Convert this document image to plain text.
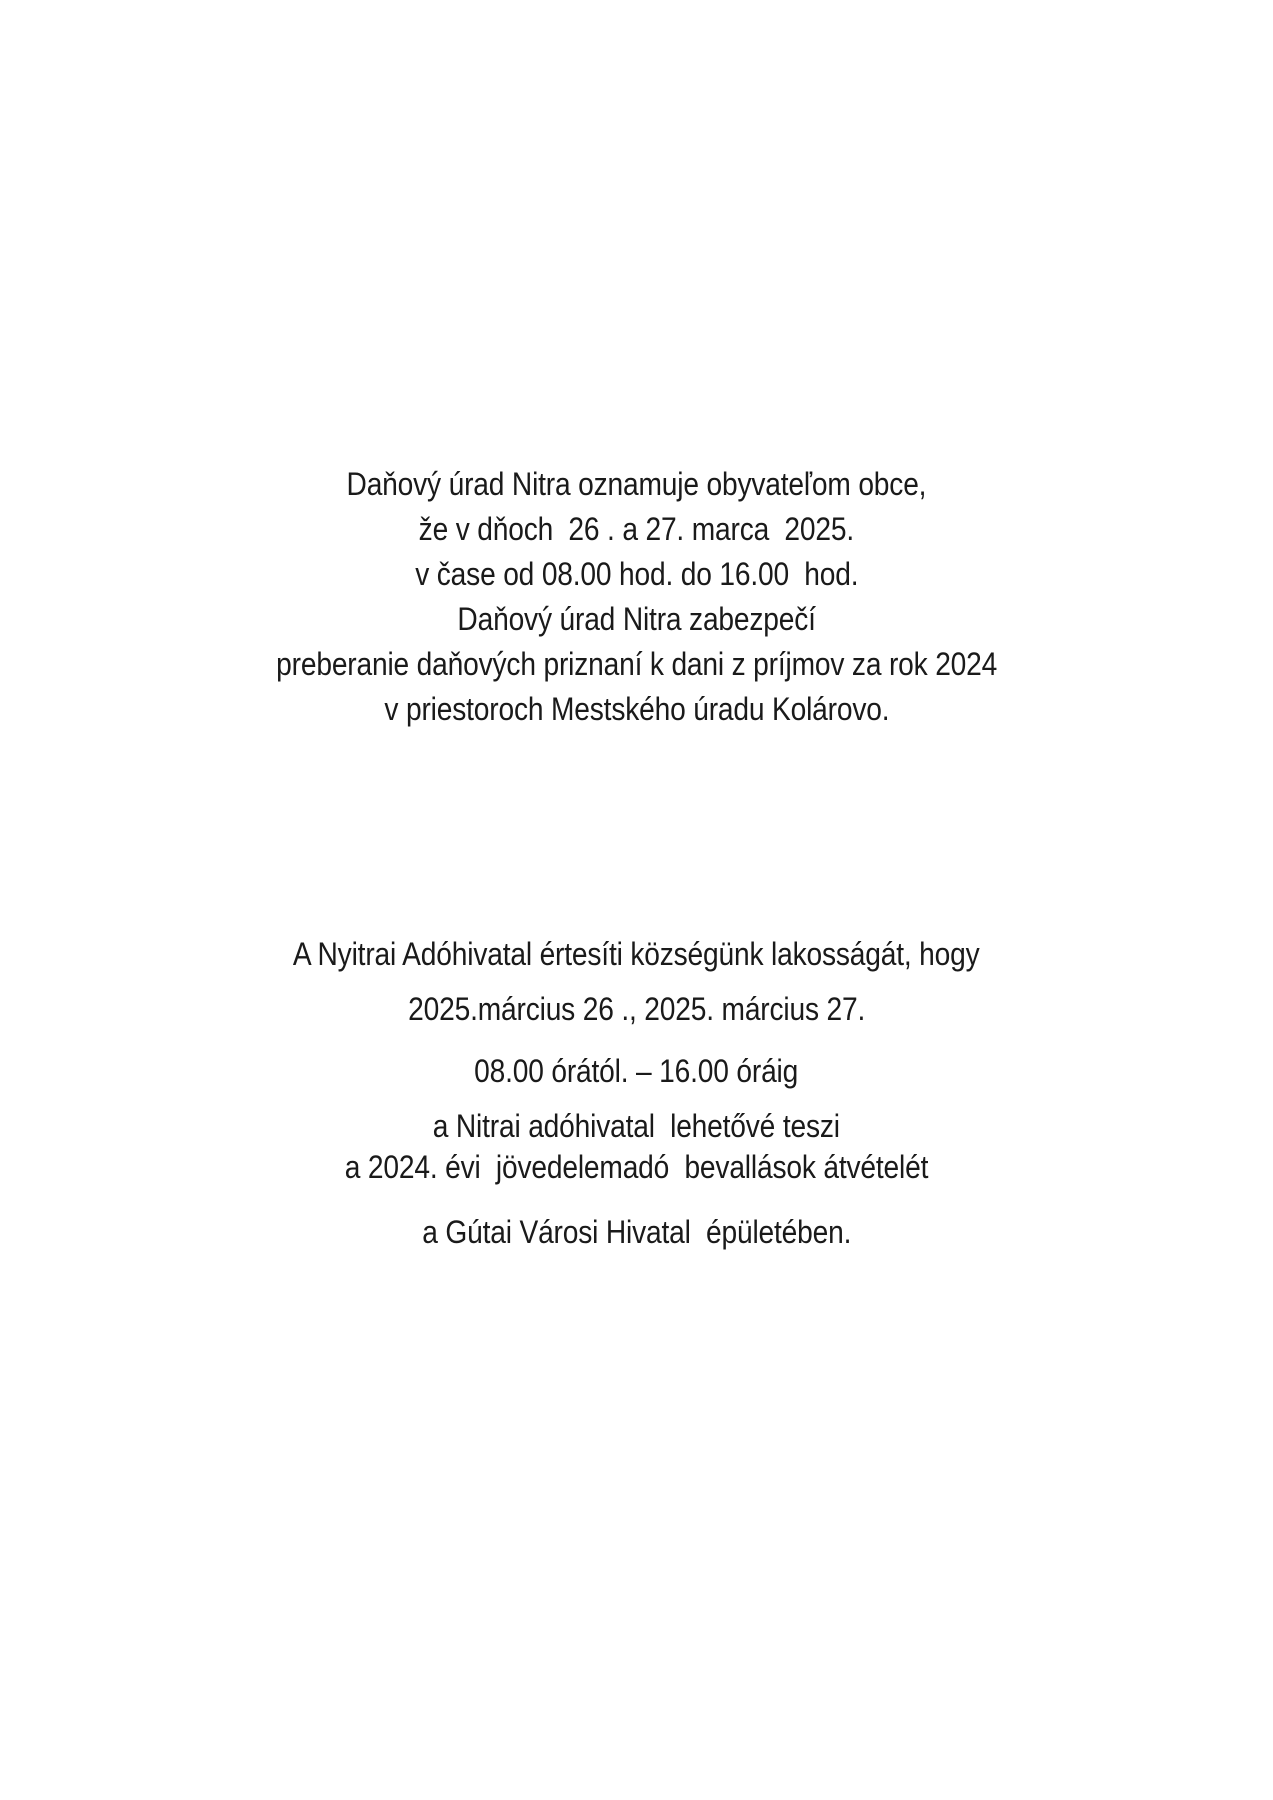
Daňový úrad Nitra oznamuje obyvateľom obce,

že v dňoch  26 . a 27. marca  2025.

v čase od 08.00 hod. do 16.00  hod.

Daňový úrad Nitra zabezpečí

preberanie daňových priznaní k dani z príjmov za rok 2024

v priestoroch Mestského úradu Kolárovo.

A Nyitrai Adóhivatal értesíti községünk lakosságát, hogy

2025.március 26 ., 2025. március 27.

08.00 órától. – 16.00 óráig

a Nitrai adóhivatal  lehetővé teszi

a 2024. évi  jövedelemadó  bevallások átvételét

a Gútai Városi Hivatal  épületében.
